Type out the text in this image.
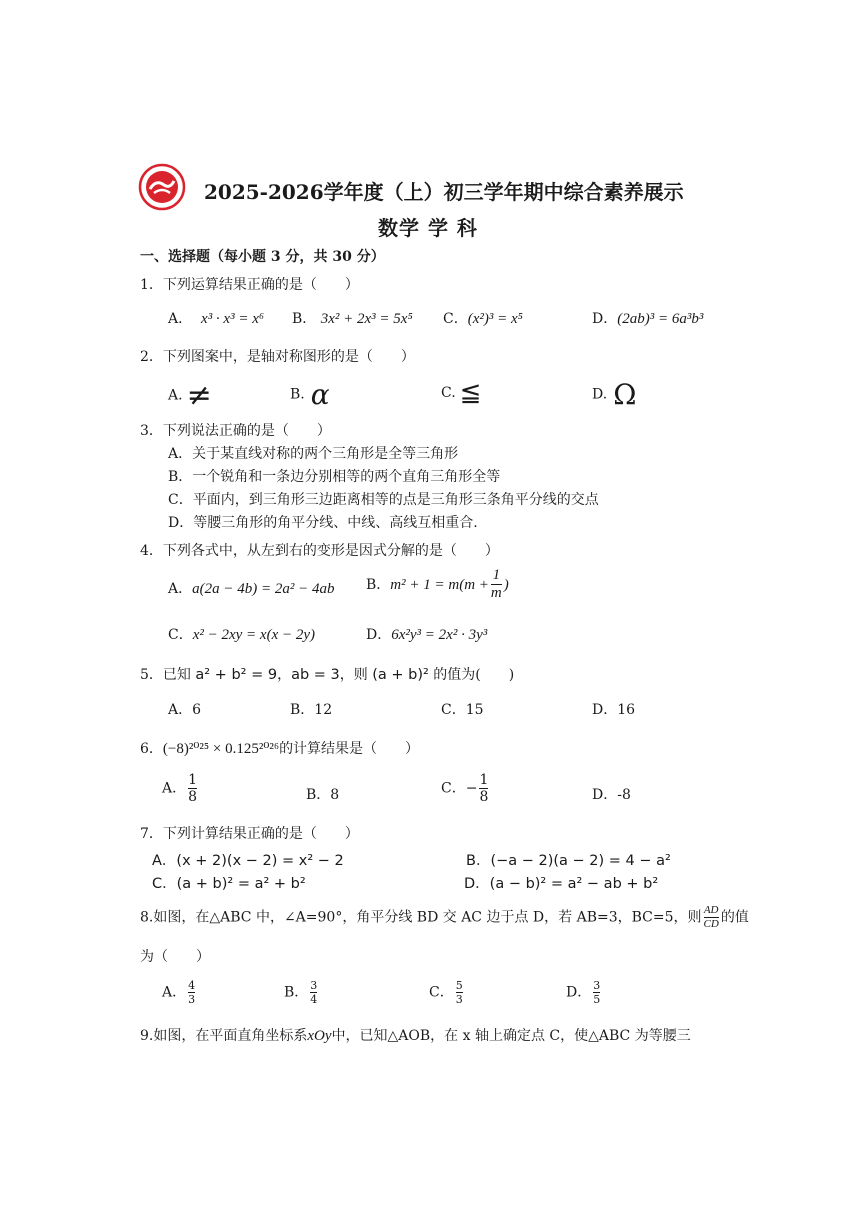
2025-2026学年度（上）初三学年期中综合素养展示
数学 学 科
一、选择题（每小题 3 分，共 30 分）
1．下列运算结果正确的是（　　）
A． x³ · x³ = x⁶ B． 3x² + 2x³ = 5x⁵ C．(x²)³ = x⁵	D．(2ab)³ = 6a³b³
2．下列图案中，是轴对称图形的是（　　）
A. ≠	B. α	C. ≦	D. Ω
3．下列说法正确的是（　　）
A．关于某直线对称的两个三角形是全等三角形
B．一个锐角和一条边分别相等的两个直角三角形全等
C．平面内，到三角形三边距离相等的点是三角形三条角平分线的交点
D．等腰三角形的角平分线、中线、高线互相重合.
4．下列各式中，从左到右的变形是因式分解的是（　　）
A．a(2a − 4b) = 2a² − 4ab B．$m^2 + 1 = m(m + \frac{1}{m}$ )
C．x² − 2xy = x(x − 2y)	D．6x²y³ = 2x² · 3y³
5．已知 a² + b² = 9，ab = 3，则 (a + b)² 的值为(　　)
A．6	B．12	C．15	D．16
6．(−8)²⁰²⁵ × 0.125²⁰²⁶的计算结果是（　　）
A． $\frac{1}{8}$	B．8	C．− $\frac{1}{8}$	D．-8
7．下列计算结果正确的是（　　）
A．(x + 2)(x − 2) = x² − 2	B．(−a − 2)(a − 2) = 4 − a²
C．(a + b)² = a² + b²	D．(a − b)² = a² − ab + b²
8.如图，在△ABC 中，∠A=90°，角平分线 BD 交 AC 边于点 D，若 AB=3，BC=5，则 $\frac{AD}{CD}$ 的值
为（　　）
A． $\frac{4}{3}$	B． $\frac{3}{4}$	C． $\frac{5}{3}$	D． $\frac{3}{5}$
9.如图，在平面直角坐标系xOy中，已知△AOB，在 x 轴上确定点 C，使△ABC 为等腰三
